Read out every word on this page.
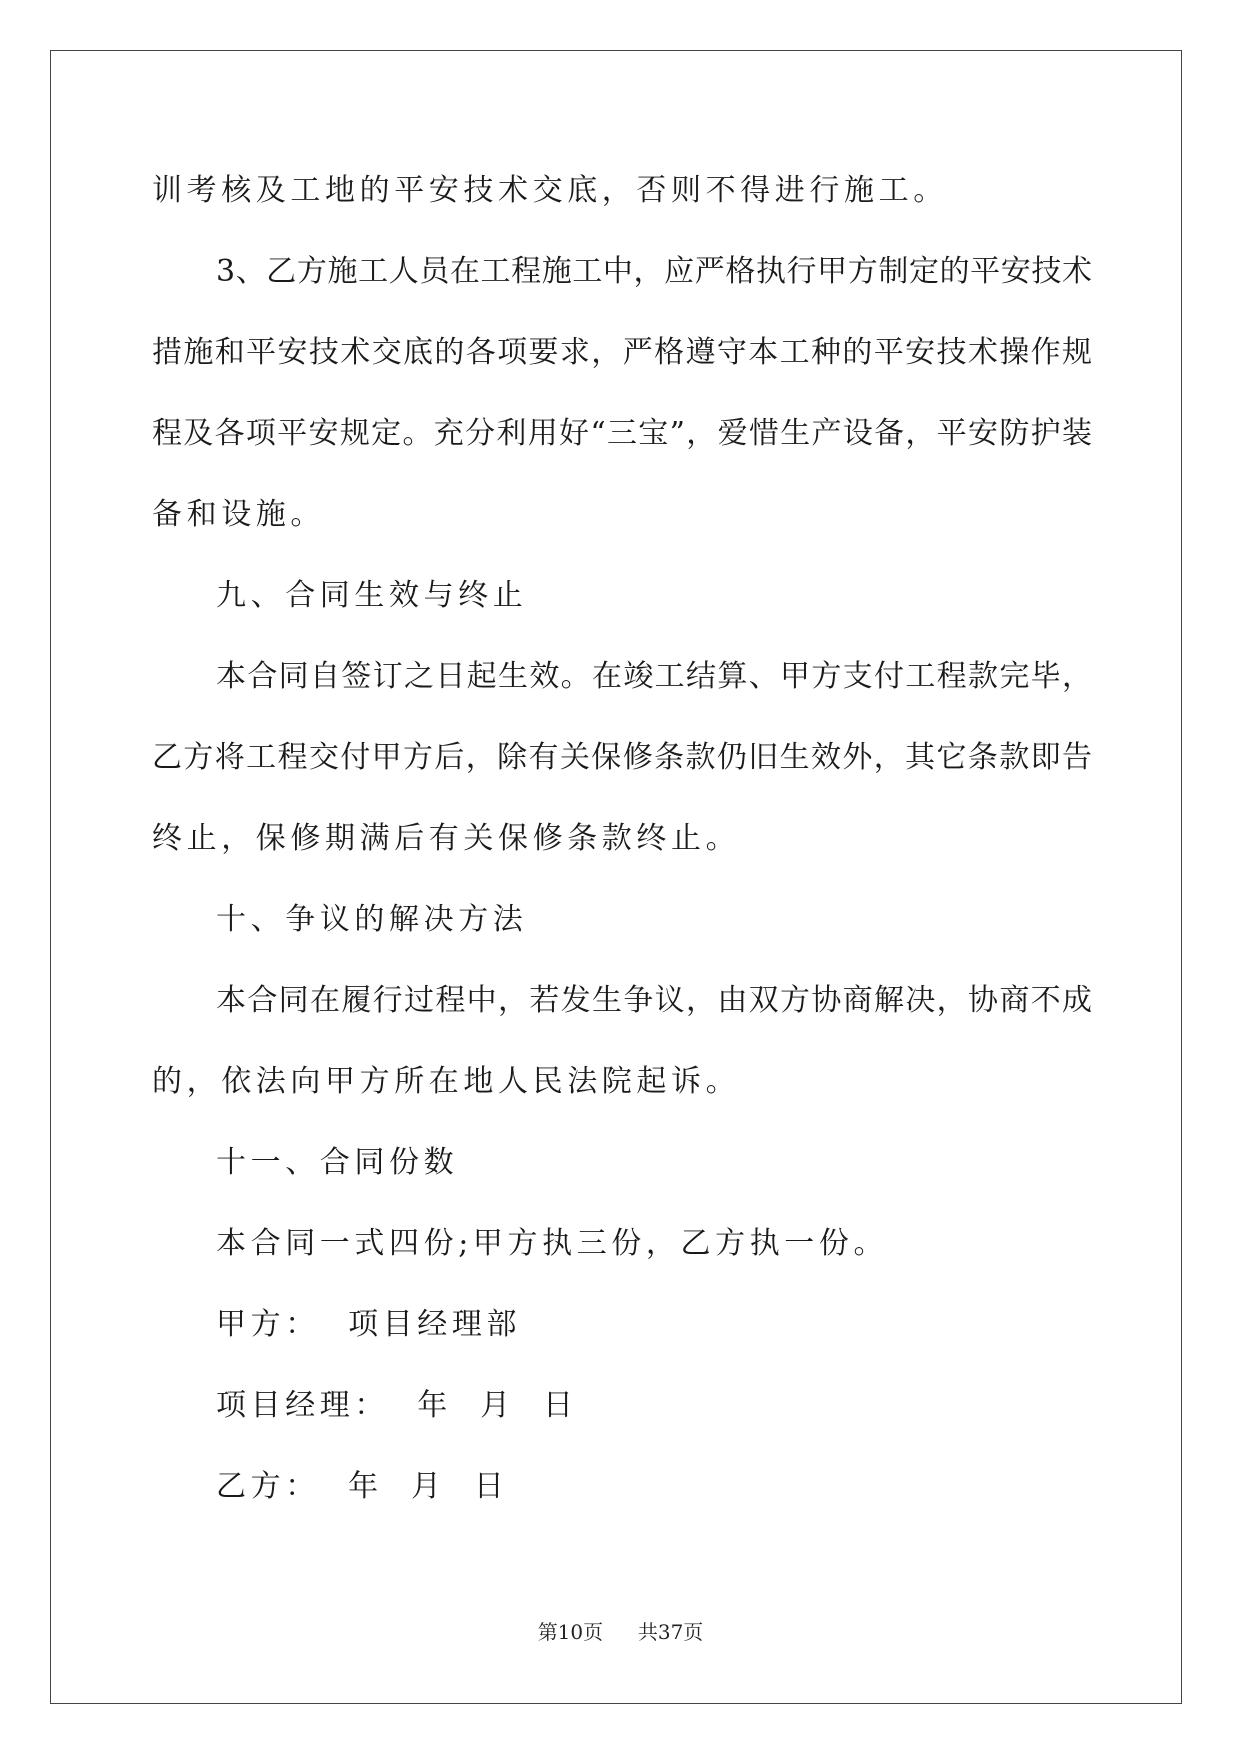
训考核及工地的平安技术交底，否则不得进行施工。
3、乙方施工人员在工程施工中，应严格执行甲方制定的平安技术
措施和平安技术交底的各项要求，严格遵守本工种的平安技术操作规
程及各项平安规定。充分利用好“三宝”，爱惜生产设备，平安防护装
备和设施。
九、合同生效与终止
本合同自签订之日起生效。在竣工结算、甲方支付工程款完毕，
乙方将工程交付甲方后，除有关保修条款仍旧生效外，其它条款即告
终止，保修期满后有关保修条款终止。
十、争议的解决方法
本合同在履行过程中，若发生争议，由双方协商解决，协商不成
的，依法向甲方所在地人民法院起诉。
十一、合同份数
本合同一式四份;甲方执三份，乙方执一份。
甲方：  项目经理部
项目经理：  年  月  日
乙方：  年  月  日
第10页 共37页
